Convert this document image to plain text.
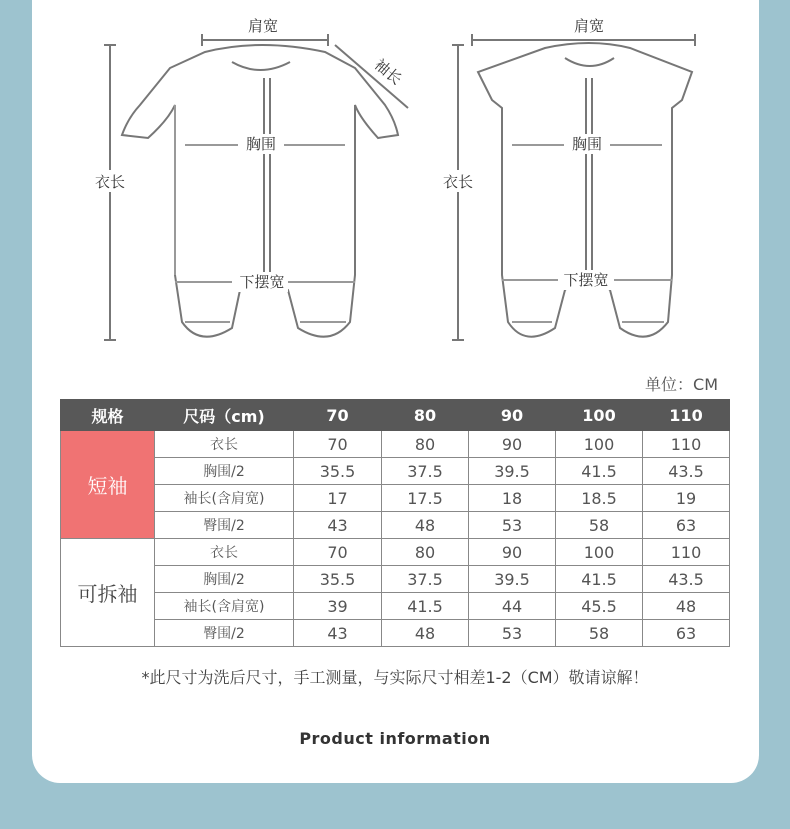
肩宽	肩宽
袖长
胸围	胸围
衣长	衣长
下摆宽	下摆宽
单位：CM
规格	尺码（cm)	70	80	90	100	110
短袖	衣长	70	80	90	100	110
	胸围/2	35.5	37.5	39.5	41.5	43.5
	袖长(含肩宽)	17	17.5	18	18.5	19
	臀围/2	43	48	53	58	63
可拆袖	衣长	70	80	90	100	110
	胸围/2	35.5	37.5	39.5	41.5	43.5
	袖长(含肩宽)	39	41.5	44	45.5	48
	臀围/2	43	48	53	58	63
*此尺寸为洗后尺寸，手工测量，与实际尺寸相差1-2（CM）敬请谅解！
Product information
